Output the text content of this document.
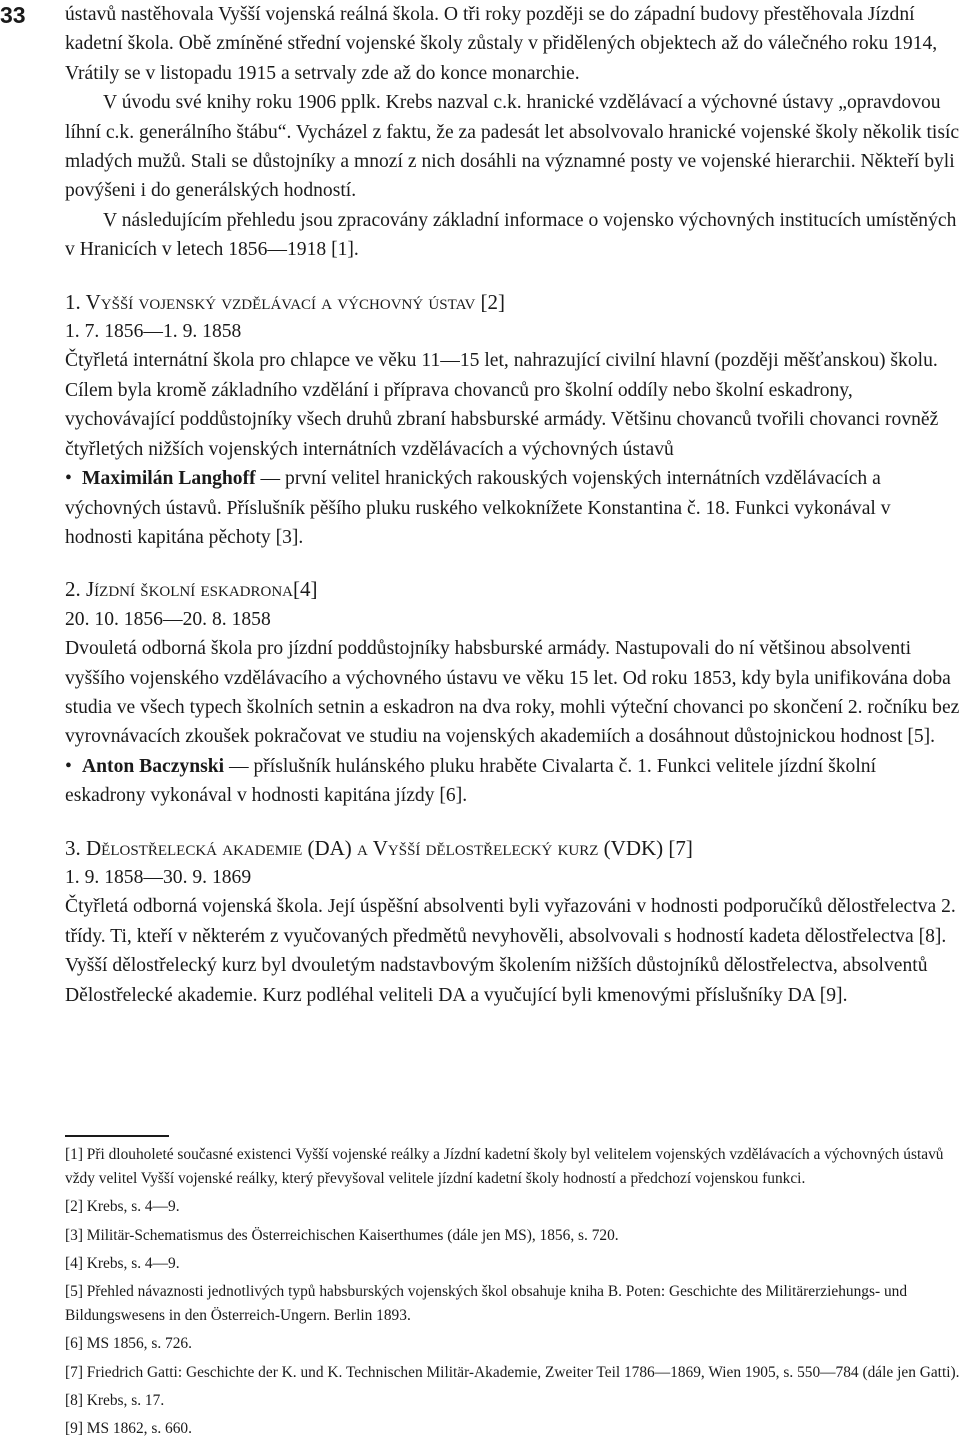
33 ústavů nastěhovala Vyšší vojenská reálná škola. O tři roky později se do západní budovy přestěhovala Jízdní kadetní škola. Obě zmíněné střední vojenské školy zůstaly v přidělených objektech až do válečného roku 1914, Vrátily se v listopadu 1915 a setrvaly zde až do konce monarchie.

V úvodu své knihy roku 1906 pplk. Krebs nazval c.k. hranické vzdělávací a výchovné ústavy „opravdovou líhní c.k. generálního štábu“. Vycházel z faktu, že za padesát let absolvovalo hranické vojenské školy několik tisíc mladých mužů. Stali se důstojníky a mnozí z nich dosáhli na významné posty ve vojenské hierarchii. Někteří byli povýšeni i do generálských hodností.

V následujícím přehledu jsou zpracovány základní informace o vojensko výchovných institucích umístěných v Hranicích v letech 1856—1918 [1].

1. Vyšší vojenský vzdělávací a výchovný ústav [2]

1. 7. 1856—1. 9. 1858

Čtyřletá internátní škola pro chlapce ve věku 11—15 let, nahrazující civilní hlavní (později měšťanskou) školu. Cílem byla kromě základního vzdělání i příprava chovanců pro školní oddíly nebo školní eskadrony, vychovávající poddůstojníky všech druhů zbraní habsburské armády. Většinu chovanců tvořili chovanci rovněž čtyřletých nižších vojenských internátních vzdělávacích a výchovných ústavů

• Maximilán Langhoff — první velitel hranických rakouských vojenských internátních vzdělávacích a výchovných ústavů. Příslušník pěšího pluku ruského velkoknížete Konstantina č. 18. Funkci vykonával v hodnosti kapitána pěchoty [3].

2. Jízdní školní eskadrona[4]

20. 10. 1856—20. 8. 1858

Dvouletá odborná škola pro jízdní poddůstojníky habsburské armády. Nastupovali do ní většinou absolventi vyššího vojenského vzdělávacího a výchovného ústavu ve věku 15 let. Od roku 1853, kdy byla unifikována doba studia ve všech typech školních setnin a eskadron na dva roky, mohli výteční chovanci po skončení 2. ročníku bez vyrovnávacích zkoušek pokračovat ve studiu na vojenských akademiích a dosáhnout důstojnickou hodnost [5].

• Anton Baczynski — příslušník hulánského pluku hraběte Civalarta č. 1. Funkci velitele jízdní školní eskadrony vykonával v hodnosti kapitána jízdy [6].

3. Dělostřelecká akademie (DA) a Vyšší dělostřelecký kurz (VDK) [7]

1. 9. 1858—30. 9. 1869

Čtyřletá odborná vojenská škola. Její úspěšní absolventi byli vyřazováni v hodnosti podporučíků dělostřelectva 2. třídy. Ti, kteří v některém z vyučovaných předmětů nevyhověli, absolvovali s hodností kadeta dělostřelectva [8]. Vyšší dělostřelecký kurz byl dvouletým nadstavbovým školením nižších důstojníků dělostřelectva, absolventů Dělostřelecké akademie. Kurz podléhal veliteli DA a vyučující byli kmenovými příslušníky DA [9].

[1] Při dlouholeté současné existenci Vyšší vojenské reálky a Jízdní kadetní školy byl velitelem vojenských vzdělávacích a výchovných ústavů vždy velitel Vyšší vojenské reálky, který převyšoval velitele jízdní kadetní školy hodností a předchozí vojenskou funkci.

[2] Krebs, s. 4—9.

[3] Militär-Schematismus des Österreichischen Kaiserthumes (dále jen MS), 1856, s. 720.

[4] Krebs, s. 4—9.

[5] Přehled návaznosti jednotlivých typů habsburských vojenských škol obsahuje kniha B. Poten: Geschichte des Militärerziehungs- und Bildungswesens in den Österreich-Ungern. Berlin 1893.

[6] MS 1856, s. 726.

[7] Friedrich Gatti: Geschichte der K. und K. Technischen Militär-Akademie, Zweiter Teil 1786—1869, Wien 1905, s. 550—784 (dále jen Gatti).

[8] Krebs, s. 17.

[9] MS 1862, s. 660.
